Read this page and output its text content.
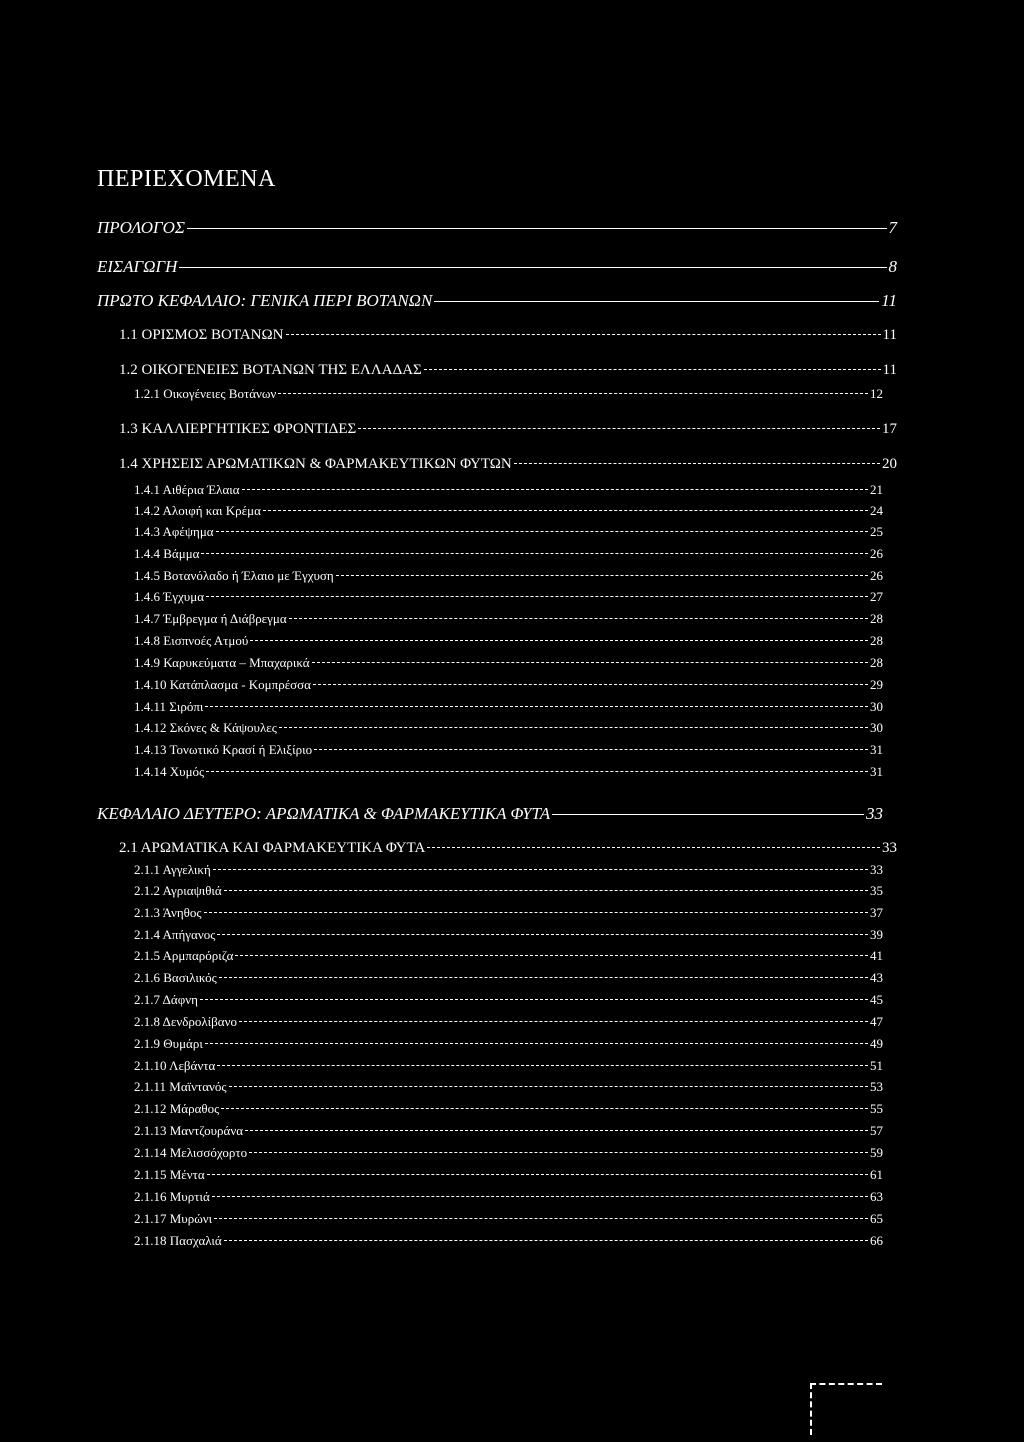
ΠΕΡΙΕΧΟΜΕΝΑ
ΠΡΟΛΟΓΟΣ	7
ΕΙΣΑΓΩΓΗ	8
ΠΡΩΤΟ ΚΕΦΑΛΑΙΟ: ΓΕΝΙΚΑ ΠΕΡΙ ΒΟΤΑΝΩΝ	11
1.1 ΟΡΙΣΜΟΣ ΒΟΤΑΝΩΝ	11
1.2 ΟΙΚΟΓΕΝΕΙΕΣ ΒΟΤΑΝΩΝ ΤΗΣ ΕΛΛΑΔΑΣ	11
1.2.1 Οικογένειες Βοτάνων	12
1.3 ΚΑΛΛΙΕΡΓΗΤΙΚΕΣ ΦΡΟΝΤΙΔΕΣ	17
1.4 ΧΡΗΣΕΙΣ ΑΡΩΜΑΤΙΚΩΝ & ΦΑΡΜΑΚΕΥΤΙΚΩΝ ΦΥΤΩΝ	20
1.4.1 Αιθέρια Έλαια	21
1.4.2 Αλοιφή και Κρέμα	24
1.4.3 Αφέψημα	25
1.4.4 Βάμμα	26
1.4.5 Βοτανόλαδο ή Έλαιο με Έγχυση	26
1.4.6 Έγχυμα	27
1.4.7 Έμβρεγμα ή Διάβρεγμα	28
1.4.8 Εισπνοές Ατμού	28
1.4.9 Καρυκεύματα – Μπαχαρικά	28
1.4.10 Κατάπλασμα - Κομπρέσσα	29
1.4.11 Σιρόπι	30
1.4.12 Σκόνες & Κάψουλες	30
1.4.13 Τονωτικό Κρασί ή Ελιξίριο	31
1.4.14 Χυμός	31
ΚΕΦΑΛΑΙΟ ΔΕΥΤΕΡΟ: ΑΡΩΜΑΤΙΚΑ & ΦΑΡΜΑΚΕΥΤΙΚΑ ΦΥΤΑ	33
2.1 ΑΡΩΜΑΤΙΚΑ ΚΑΙ ΦΑΡΜΑΚΕΥΤΙΚΑ ΦΥΤΑ	33
2.1.1 Αγγελική	33
2.1.2 Αγριαψιθιά	35
2.1.3 Άνηθος	37
2.1.4 Απήγανος	39
2.1.5 Αρμπαρόριζα	41
2.1.6 Βασιλικός	43
2.1.7 Δάφνη	45
2.1.8 Δενδρολίβανο	47
2.1.9 Θυμάρι	49
2.1.10 Λεβάντα	51
2.1.11 Μαϊντανός	53
2.1.12 Μάραθος	55
2.1.13 Μαντζουράνα	57
2.1.14 Μελισσόχορτο	59
2.1.15 Μέντα	61
2.1.16 Μυρτιά	63
2.1.17 Μυρώνι	65
2.1.18 Πασχαλιά	66
